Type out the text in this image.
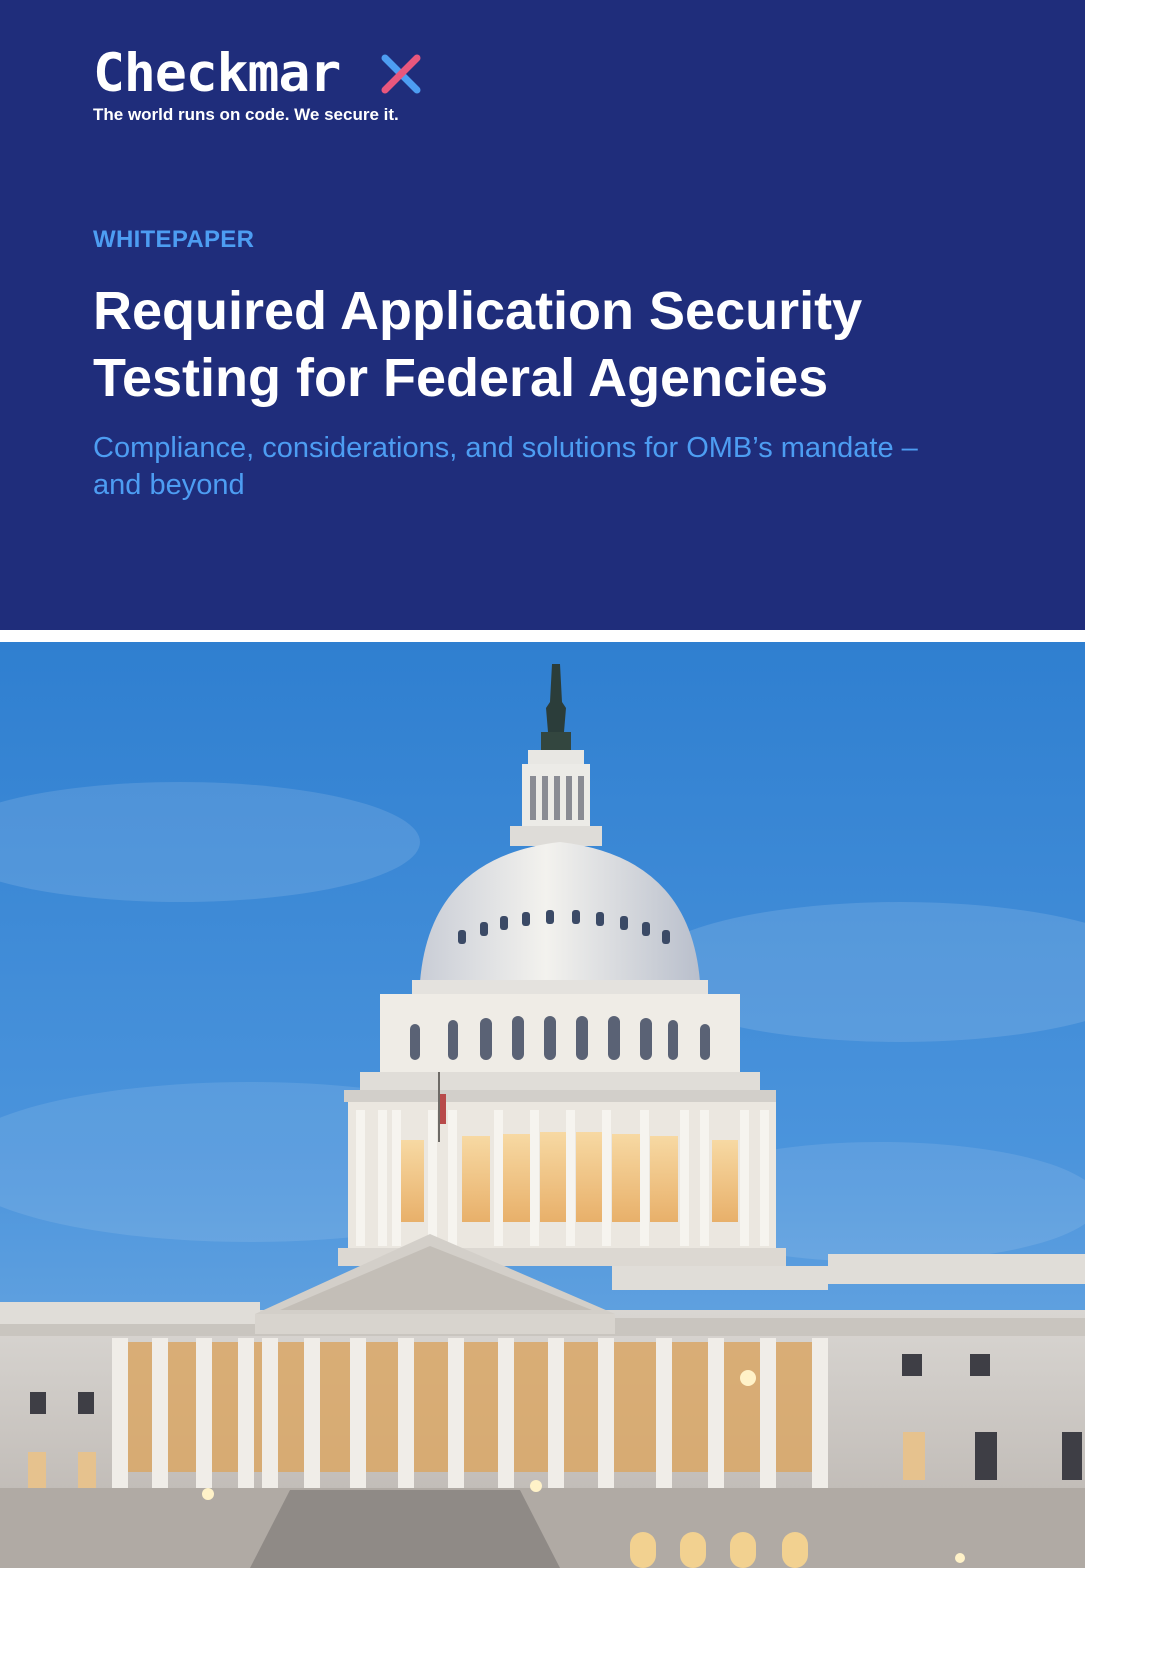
Checkmar
The world runs on code. We secure it.
WHITEPAPER
Required Application Security
Testing for Federal Agencies

Compliance, considerations, and solutions for OMB’s mandate –
and beyond
